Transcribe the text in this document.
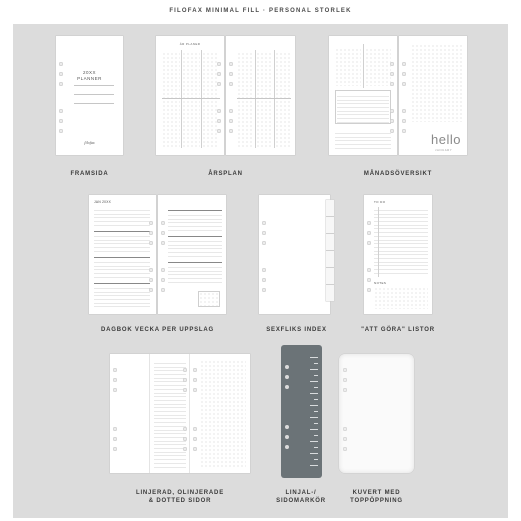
FILOFAX MINIMAL FILL · PERSONAL STORLEK
20XX
PLANNER
filofax
FRAMSIDA
ÅR PLANER
ÅRSPLAN
hello
JANUARY
MÅNADSÖVERSIKT
JAN 20XX
DAGBOK VECKA PER UPPSLAG	SEXFLIKS INDEX
TO DO
NOTES
"ATT GÖRA" LISTOR
LINJERAD, OLINJERADE
& DOTTED SIDOR
LINJAL-/
SIDOMARKÖR
KUVERT MED
TOPPÖPPNING
